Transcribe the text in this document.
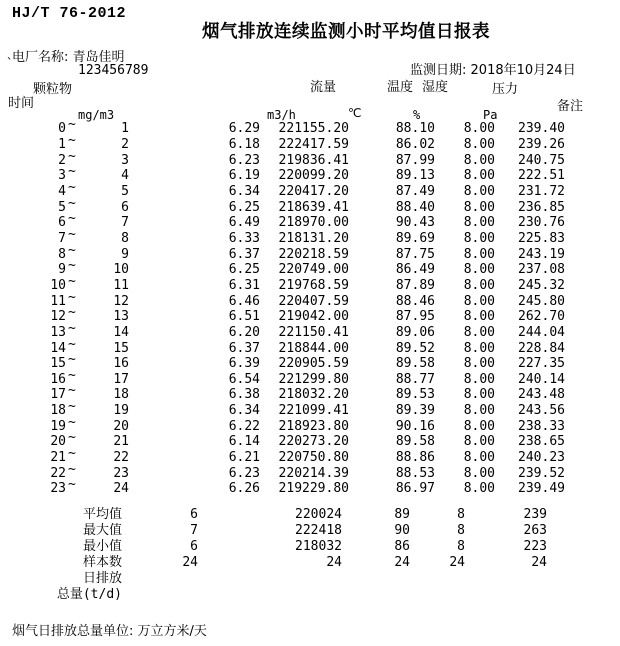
HJ/T 76-2012
烟气排放连续监测小时平均值日报表
电厂名称: 青岛佳明
`	123456789	监测日期: 2018年10月24日
颗粒物	流量	温度 湿度	压力
时间	备注
mg/m3	m3/h	℃	%	Pa
0	~	1	6.29	221155.20	88.10	8.00	239.40
1	~	2	6.18	222417.59	86.02	8.00	239.26
2	~	3	6.23	219836.41	87.99	8.00	240.75
3	~	4	6.19	220099.20	89.13	8.00	222.51
4	~	5	6.34	220417.20	87.49	8.00	231.72
5	~	6	6.25	218639.41	88.40	8.00	236.85
6	~	7	6.49	218970.00	90.43	8.00	230.76
7	~	8	6.33	218131.20	89.69	8.00	225.83
8	~	9	6.37	220218.59	87.75	8.00	243.19
9	~	10	6.25	220749.00	86.49	8.00	237.08
10	~	11	6.31	219768.59	87.89	8.00	245.32
11	~	12	6.46	220407.59	88.46	8.00	245.80
12	~	13	6.51	219042.00	87.95	8.00	262.70
13	~	14	6.20	221150.41	89.06	8.00	244.04
14	~	15	6.37	218844.00	89.52	8.00	228.84
15	~	16	6.39	220905.59	89.58	8.00	227.35
16	~	17	6.54	221299.80	88.77	8.00	240.14
17	~	18	6.38	218032.20	89.53	8.00	243.48
18	~	19	6.34	221099.41	89.39	8.00	243.56
19	~	20	6.22	218923.80	90.16	8.00	238.33
20	~	21	6.14	220273.20	89.58	8.00	238.65
21	~	22	6.21	220750.80	88.86	8.00	240.23
22	~	23	6.23	220214.39	88.53	8.00	239.52
23	~	24	6.26	219229.80	86.97	8.00	239.49
平均值	6	220024	89	8	239
最大值	7	222418	90	8	263
最小值	6	218032	86	8	223
样本数	24	24	24	24	24
日排放					
总量(t/d)					
烟气日排放总量单位: 万立方米/天
